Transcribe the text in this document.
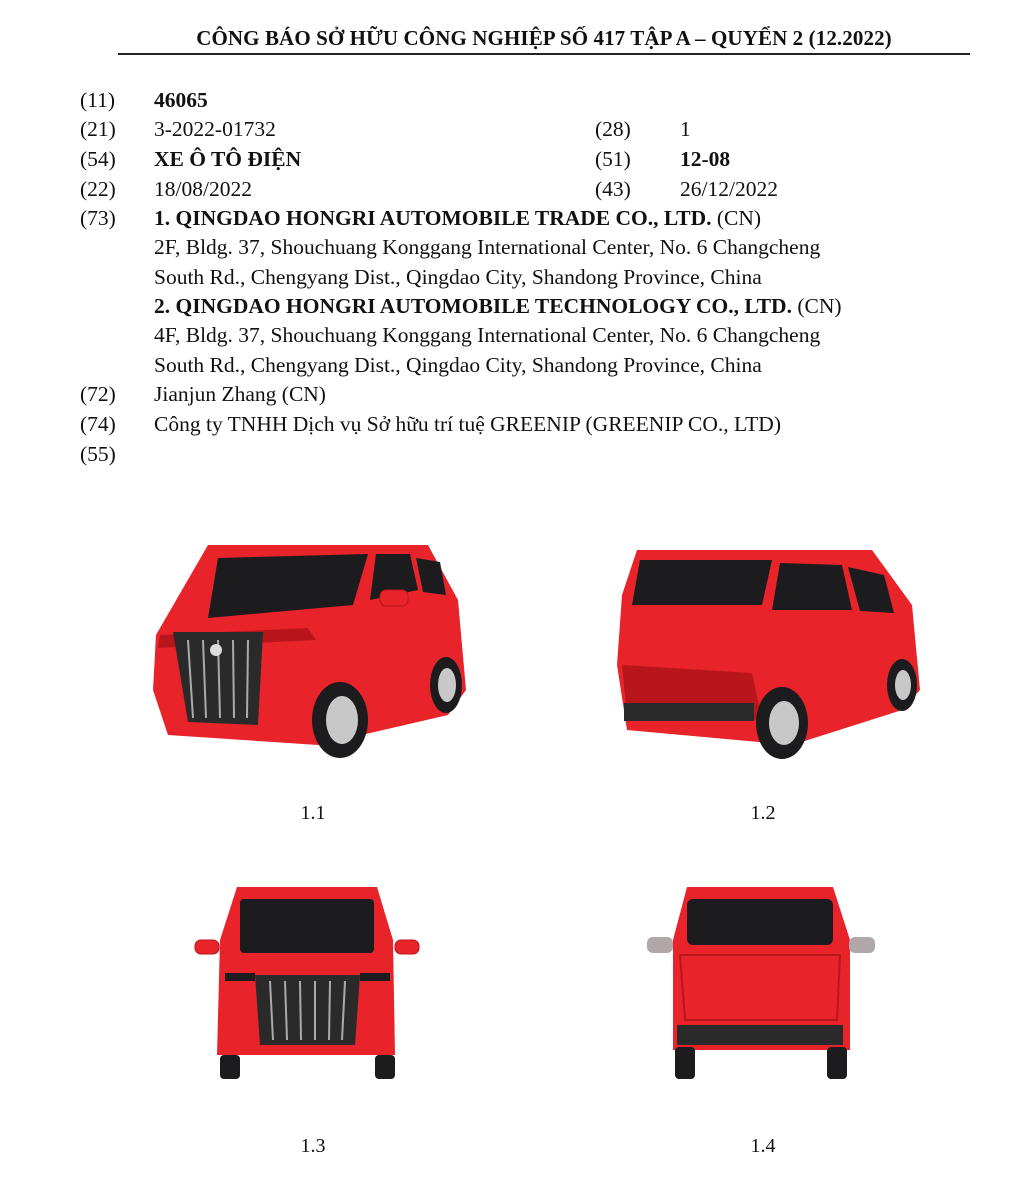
CÔNG BÁO SỞ HỮU CÔNG NGHIỆP SỐ 417 TẬP A – QUYỂN 2 (12.2022)
(11) 46065
(21) 3-2022-01732	(28) 1
(54) XE Ô TÔ ĐIỆN	(51) 12-08
(22) 18/08/2022	(43) 26/12/2022
(73) 1. QINGDAO HONGRI AUTOMOBILE TRADE CO., LTD. (CN)
2F, Bldg. 37, Shouchuang Konggang International Center, No. 6 Changcheng
South Rd., Chengyang Dist., Qingdao City, Shandong Province, China
2. QINGDAO HONGRI AUTOMOBILE TECHNOLOGY CO., LTD. (CN)
4F, Bldg. 37, Shouchuang Konggang International Center, No. 6 Changcheng
South Rd., Chengyang Dist., Qingdao City, Shandong Province, China
(72) Jianjun Zhang (CN)
(74) Công ty TNHH Dịch vụ Sở hữu trí tuệ GREENIP (GREENIP CO., LTD)
(55)
1.1	1.2
1.3	1.4
